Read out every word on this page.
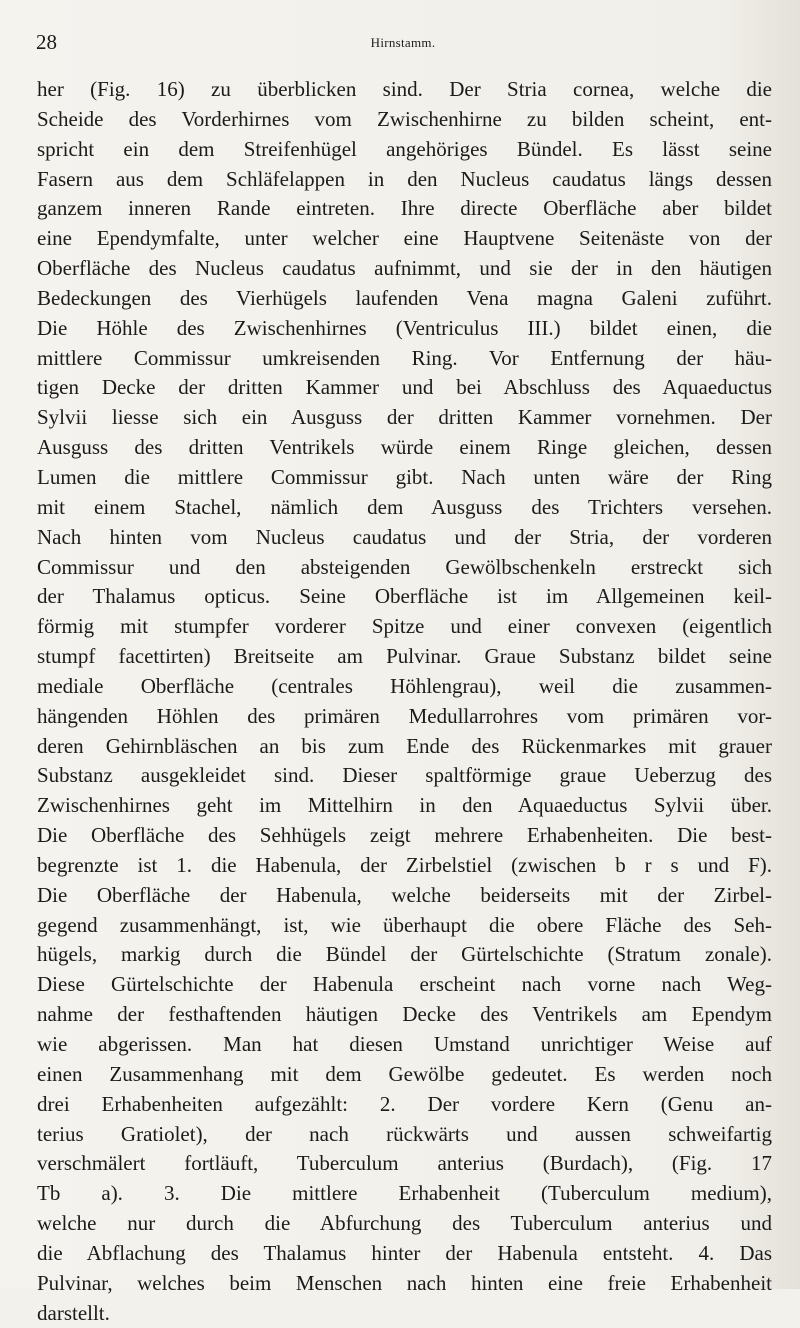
28	Hirnstamm.
her (Fig. 16) zu überblicken sind. Der Stria cornea, welche die
Scheide des Vorderhirnes vom Zwischenhirne zu bilden scheint, ent-
spricht ein dem Streifenhügel angehöriges Bündel. Es lässt seine
Fasern aus dem Schläfelappen in den Nucleus caudatus längs dessen
ganzem inneren Rande eintreten. Ihre directe Oberfläche aber bildet
eine Ependymfalte, unter welcher eine Hauptvene Seitenäste von der
Oberfläche des Nucleus caudatus aufnimmt, und sie der in den häutigen
Bedeckungen des Vierhügels laufenden Vena magna Galeni zuführt.
Die Höhle des Zwischenhirnes (Ventriculus III.) bildet einen, die
mittlere Commissur umkreisenden Ring. Vor Entfernung der häu-
tigen Decke der dritten Kammer und bei Abschluss des Aquaeductus
Sylvii liesse sich ein Ausguss der dritten Kammer vornehmen. Der
Ausguss des dritten Ventrikels würde einem Ringe gleichen, dessen
Lumen die mittlere Commissur gibt. Nach unten wäre der Ring
mit einem Stachel, nämlich dem Ausguss des Trichters versehen.
Nach hinten vom Nucleus caudatus und der Stria, der vorderen
Commissur und den absteigenden Gewölbschenkeln erstreckt sich
der Thalamus opticus. Seine Oberfläche ist im Allgemeinen keil-
förmig mit stumpfer vorderer Spitze und einer convexen (eigentlich
stumpf facettirten) Breitseite am Pulvinar. Graue Substanz bildet seine
mediale Oberfläche (centrales Höhlengrau), weil die zusammen-
hängenden Höhlen des primären Medullarrohres vom primären vor-
deren Gehirnbläschen an bis zum Ende des Rückenmarkes mit grauer
Substanz ausgekleidet sind. Dieser spaltförmige graue Ueberzug des
Zwischenhirnes geht im Mittelhirn in den Aquaeductus Sylvii über.
Die Oberfläche des Sehhügels zeigt mehrere Erhabenheiten. Die best-
begrenzte ist 1. die Habenula, der Zirbelstiel (zwischen b r s und F).
Die Oberfläche der Habenula, welche beiderseits mit der Zirbel-
gegend zusammenhängt, ist, wie überhaupt die obere Fläche des Seh-
hügels, markig durch die Bündel der Gürtelschichte (Stratum zonale).
Diese Gürtelschichte der Habenula erscheint nach vorne nach Weg-
nahme der festhaftenden häutigen Decke des Ventrikels am Ependym
wie abgerissen. Man hat diesen Umstand unrichtiger Weise auf
einen Zusammenhang mit dem Gewölbe gedeutet. Es werden noch
drei Erhabenheiten aufgezählt: 2. Der vordere Kern (Genu an-
terius Gratiolet), der nach rückwärts und aussen schweifartig
verschmälert fortläuft, Tuberculum anterius (Burdach), (Fig. 17
Tb a). 3. Die mittlere Erhabenheit (Tuberculum medium),
welche nur durch die Abfurchung des Tuberculum anterius und
die Abflachung des Thalamus hinter der Habenula entsteht. 4. Das
Pulvinar, welches beim Menschen nach hinten eine freie Erhabenheit
darstellt.
